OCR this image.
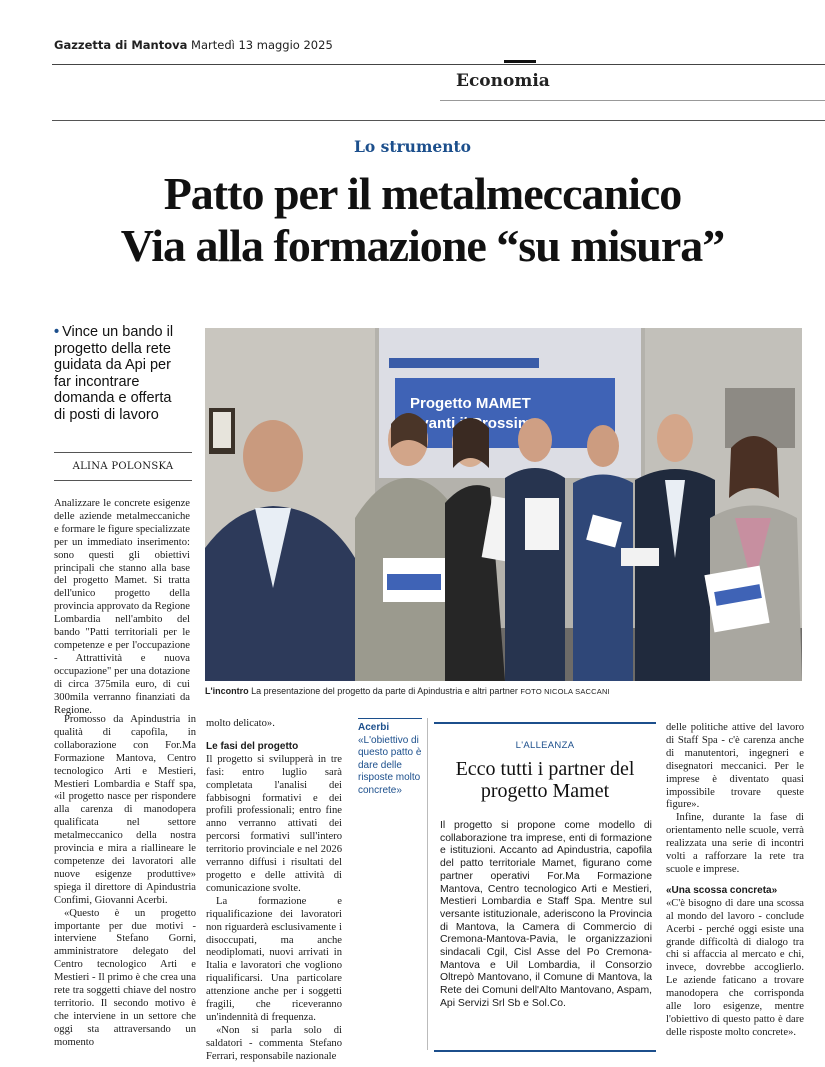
Gazzetta di Mantova Martedì 13 maggio 2025
Economia
Lo strumento
Patto per il metalmeccanico
Via alla formazione “su misura”
• Vince un bando il progetto della rete guidata da Api per far incontrare domanda e offerta di posti di lavoro
ALINA POLONSKA

Analizzare le concrete esigenze delle aziende metalmeccaniche e formare le figure specializzate per un immediato inserimento: sono questi gli obiettivi principali che stanno alla base del progetto Mamet. Si tratta dell'unico progetto della provincia approvato da Regione Lombardia nell'ambito del bando "Patti territoriali per le competenze e per l'occupazione - Attrattività e nuova occupazione" per una dotazione di circa 375mila euro, di cui 300mila verranno finanziati da Regione.

Promosso da Apindustria in qualità di capofila, in collaborazione con For.Ma Formazione Mantova, Centro tecnologico Arti e Mestieri, Mestieri Lombardia e Staff spa, «il progetto nasce per rispondere alla carenza di manodopera qualificata nel settore metalmeccanico della nostra provincia e mira a riallineare le competenze dei lavoratori alle nuove esigenze produttive» spiega il direttore di Apindustria Confimi, Giovanni Acerbi.

«Questo è un progetto importante per due motivi - interviene Stefano Gorni, amministratore delegato del Centro tecnologico Arti e Mestieri - Il primo è che crea una rete tra soggetti chiave del nostro territorio. Il secondo motivo è che interviene in un settore che oggi sta attraversando un momento

molto delicato».

Le fasi del progetto

Il progetto si svilupperà in tre fasi: entro luglio sarà completata l'analisi dei fabbisogni formativi e dei profili professionali; entro fine anno verranno attivati dei percorsi formativi sull'intero territorio provinciale e nel 2026 verranno diffusi i risultati del progetto e delle attività di comunicazione svolte.

La formazione e riqualificazione dei lavoratori non riguarderà esclusivamente i disoccupati, ma anche neodiplomati, nuovi arrivati in Italia e lavoratori che vogliono riqualificarsi. Una particolare attenzione anche per i soggetti fragili, che riceveranno un'indennità di frequenza.

«Non si parla solo di saldatori - commenta Stefano Ferrari, responsabile nazionale

Progetto MAMET
Avanti Prossimo
L'incontro La presentazione del progetto da parte di Apindustria e altri partner FOTO NICOLA SACCANI
Acerbi
«L'obiettivo di questo patto è dare delle risposte molto concrete»
L'ALLEANZA
Ecco tutti i partner del progetto Mamet
Il progetto si propone come modello di collaborazione tra imprese, enti di formazione e istituzioni. Accanto ad Apindustria, capofila del patto territoriale Mamet, figurano come partner operativi For.Ma Formazione Mantova, Centro tecnologico Arti e Mestieri, Mestieri Lombardia e Staff Spa. Mentre sul versante istituzionale, aderiscono la Provincia di Mantova, la Camera di Commercio di Cremona-Mantova-Pavia, le organizzazioni sindacali Cgil, Cisl Asse del Po Cremona-Mantova e Uil Lombardia, il Consorzio Oltrepò Mantovano, il Comune di Mantova, la Rete dei Comuni dell'Alto Mantovano, Aspam, Api Servizi Srl Sb e Sol.Co.

delle politiche attive del lavoro di Staff Spa - c'è carenza anche di manutentori, ingegneri e disegnatori meccanici. Per le imprese è diventato quasi impossibile trovare queste figure».

Infine, durante la fase di orientamento nelle scuole, verrà realizzata una serie di incontri volti a rafforzare la rete tra scuole e imprese.

«Una scossa concreta»

«C'è bisogno di dare una scossa al mondo del lavoro - conclude Acerbi - perché oggi esiste una grande difficoltà di dialogo tra chi si affaccia al mercato e chi, invece, dovrebbe accoglierlo. Le aziende faticano a trovare manodopera che corrisponda alle loro esigenze, mentre l'obiettivo di questo patto è dare delle risposte molto concrete».
